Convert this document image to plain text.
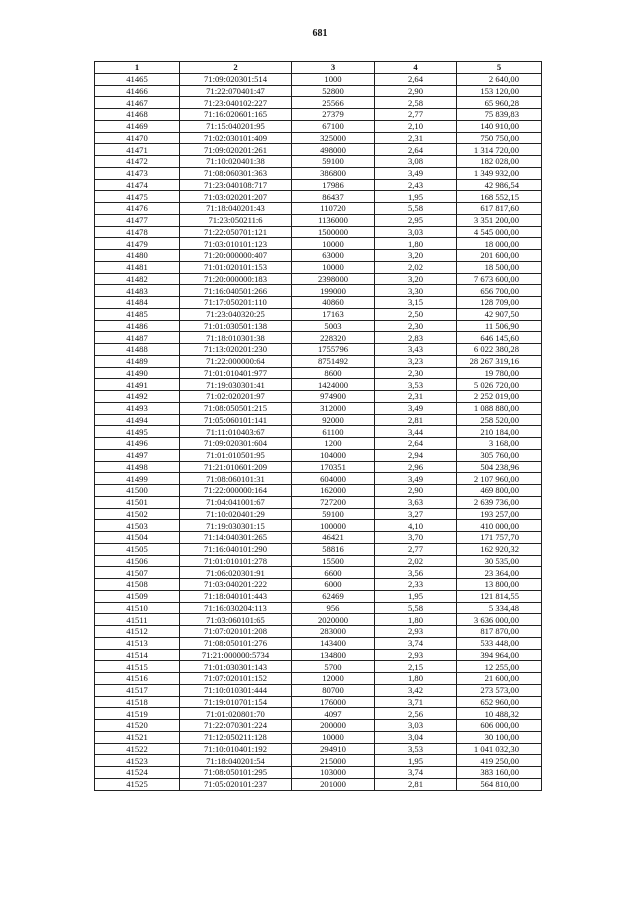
681
1	2	3	4	5
41465	71:09:020301:514	1000	2,64	2 640,00
41466	71:22:070401:47	52800	2,90	153 120,00
41467	71:23:040102:227	25566	2,58	65 960,28
41468	71:16:020601:165	27379	2,77	75 839,83
41469	71:15:040201:95	67100	2,10	140 910,00
41470	71:02:030101:409	325000	2,31	750 750,00
41471	71:09:020201:261	498000	2,64	1 314 720,00
41472	71:10:020401:38	59100	3,08	182 028,00
41473	71:08:060301:363	386800	3,49	1 349 932,00
41474	71:23:040108:717	17986	2,43	42 986,54
41475	71:03:020201:207	86437	1,95	168 552,15
41476	71:18:040201:43	110720	5,58	617 817,60
41477	71:23:050211:6	1136000	2,95	3 351 200,00
41478	71:22:050701:121	1500000	3,03	4 545 000,00
41479	71:03:010101:123	10000	1,80	18 000,00
41480	71:20:000000:407	63000	3,20	201 600,00
41481	71:01:020101:153	10000	2,02	18 500,00
41482	71:20:000000:183	2398000	3,20	7 673 600,00
41483	71:16:040501:266	199000	3,30	656 700,00
41484	71:17:050201:110	40860	3,15	128 709,00
41485	71:23:040320:25	17163	2,50	42 907,50
41486	71:01:030501:138	5003	2,30	11 506,90
41487	71:18:010301:38	228320	2,83	646 145,60
41488	71:13:020201:230	1755796	3,43	6 022 380,28
41489	71:22:000000:64	8751492	3,23	28 267 319,16
41490	71:01:010401:977	8600	2,30	19 780,00
41491	71:19:030301:41	1424000	3,53	5 026 720,00
41492	71:02:020201:97	974900	2,31	2 252 019,00
41493	71:08:050501:215	312000	3,49	1 088 880,00
41494	71:05:060101:141	92000	2,81	258 520,00
41495	71:11:010403:67	61100	3,44	210 184,00
41496	71:09:020301:604	1200	2,64	3 168,00
41497	71:01:010501:95	104000	2,94	305 760,00
41498	71:21:010601:209	170351	2,96	504 238,96
41499	71:08:060101:31	604000	3,49	2 107 960,00
41500	71:22:000000:164	162000	2,90	469 800,00
41501	71:04:041001:67	727200	3,63	2 639 736,00
41502	71:10:020401:29	59100	3,27	193 257,00
41503	71:19:030301:15	100000	4,10	410 000,00
41504	71:14:040301:265	46421	3,70	171 757,70
41505	71:16:040101:290	58816	2,77	162 920,32
41506	71:01:010101:278	15500	2,02	30 535,00
41507	71:06:020301:91	6600	3,56	23 364,00
41508	71:03:040201:222	6000	2,33	13 800,00
41509	71:18:040101:443	62469	1,95	121 814,55
41510	71:16:030204:113	956	5,58	5 334,48
41511	71:03:060101:65	2020000	1,80	3 636 000,00
41512	71:07:020101:208	283000	2,93	817 870,00
41513	71:08:050101:276	143400	3,74	533 448,00
41514	71:21:000000:5734	134800	2,93	394 964,00
41515	71:01:030301:143	5700	2,15	12 255,00
41516	71:07:020101:152	12000	1,80	21 600,00
41517	71:10:010301:444	80700	3,42	273 573,00
41518	71:19:010701:154	176000	3,71	652 960,00
41519	71:01:020801:70	4097	2,56	10 488,32
41520	71:22:070301:224	200000	3,03	606 000,00
41521	71:12:050211:128	10000	3,04	30 100,00
41522	71:10:010401:192	294910	3,53	1 041 032,30
41523	71:18:040201:54	215000	1,95	419 250,00
41524	71:08:050101:295	103000	3,74	383 160,00
41525	71:05:020101:237	201000	2,81	564 810,00
